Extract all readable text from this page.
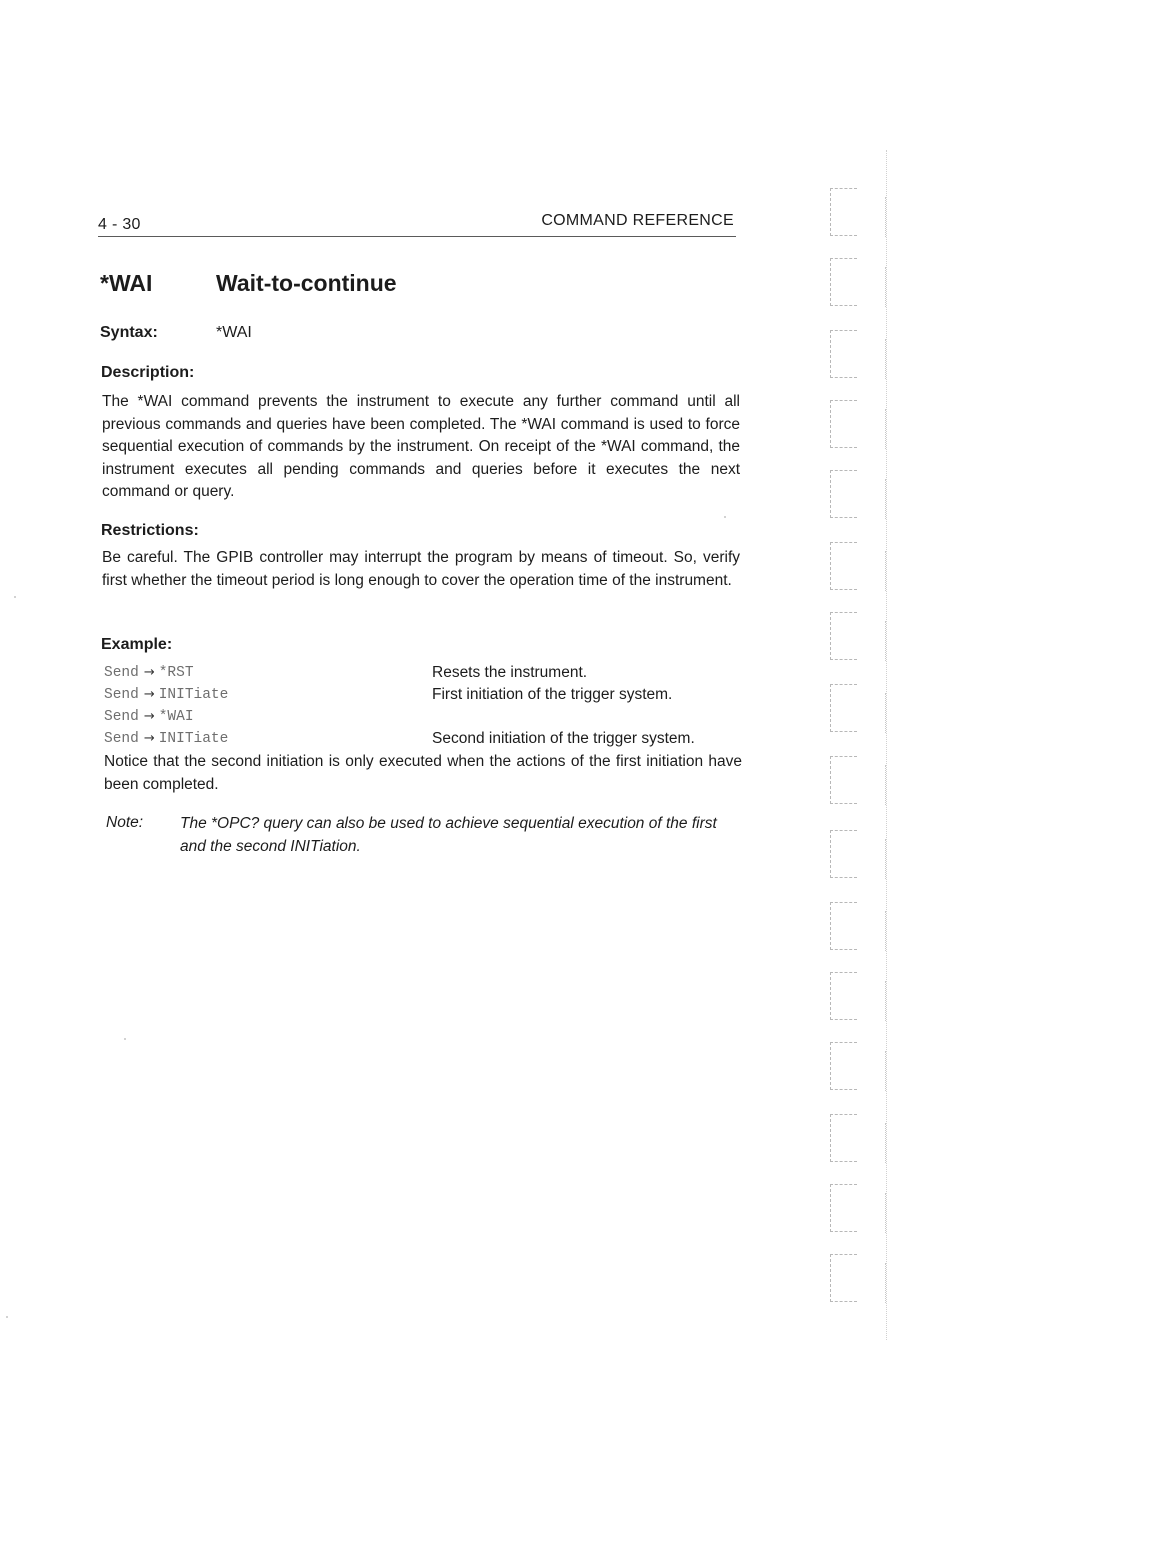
4 - 30	COMMAND REFERENCE
*WAI	Wait-to-continue
Syntax:	*WAI
Description:
The *WAI command prevents the instrument to execute any further command until all previous commands and queries have been completed. The *WAI command is used to force sequential execution of commands by the instrument. On receipt of the *WAI command, the instrument executes all pending commands and queries before it executes the next command or query.
Restrictions:
Be careful. The GPIB controller may interrupt the program by means of timeout. So, verify first whether the timeout period is long enough to cover the operation time of the instrument.
Example:
Send → *RST	Resets the instrument.
Send → INITiate	First initiation of the trigger system.
Send → *WAI
Send → INITiate	Second initiation of the trigger system.
Notice that the second initiation is only executed when the actions of the first initiation have been completed.
Note: The *OPC? query can also be used to achieve sequential execution of the first and the second INITiation.
